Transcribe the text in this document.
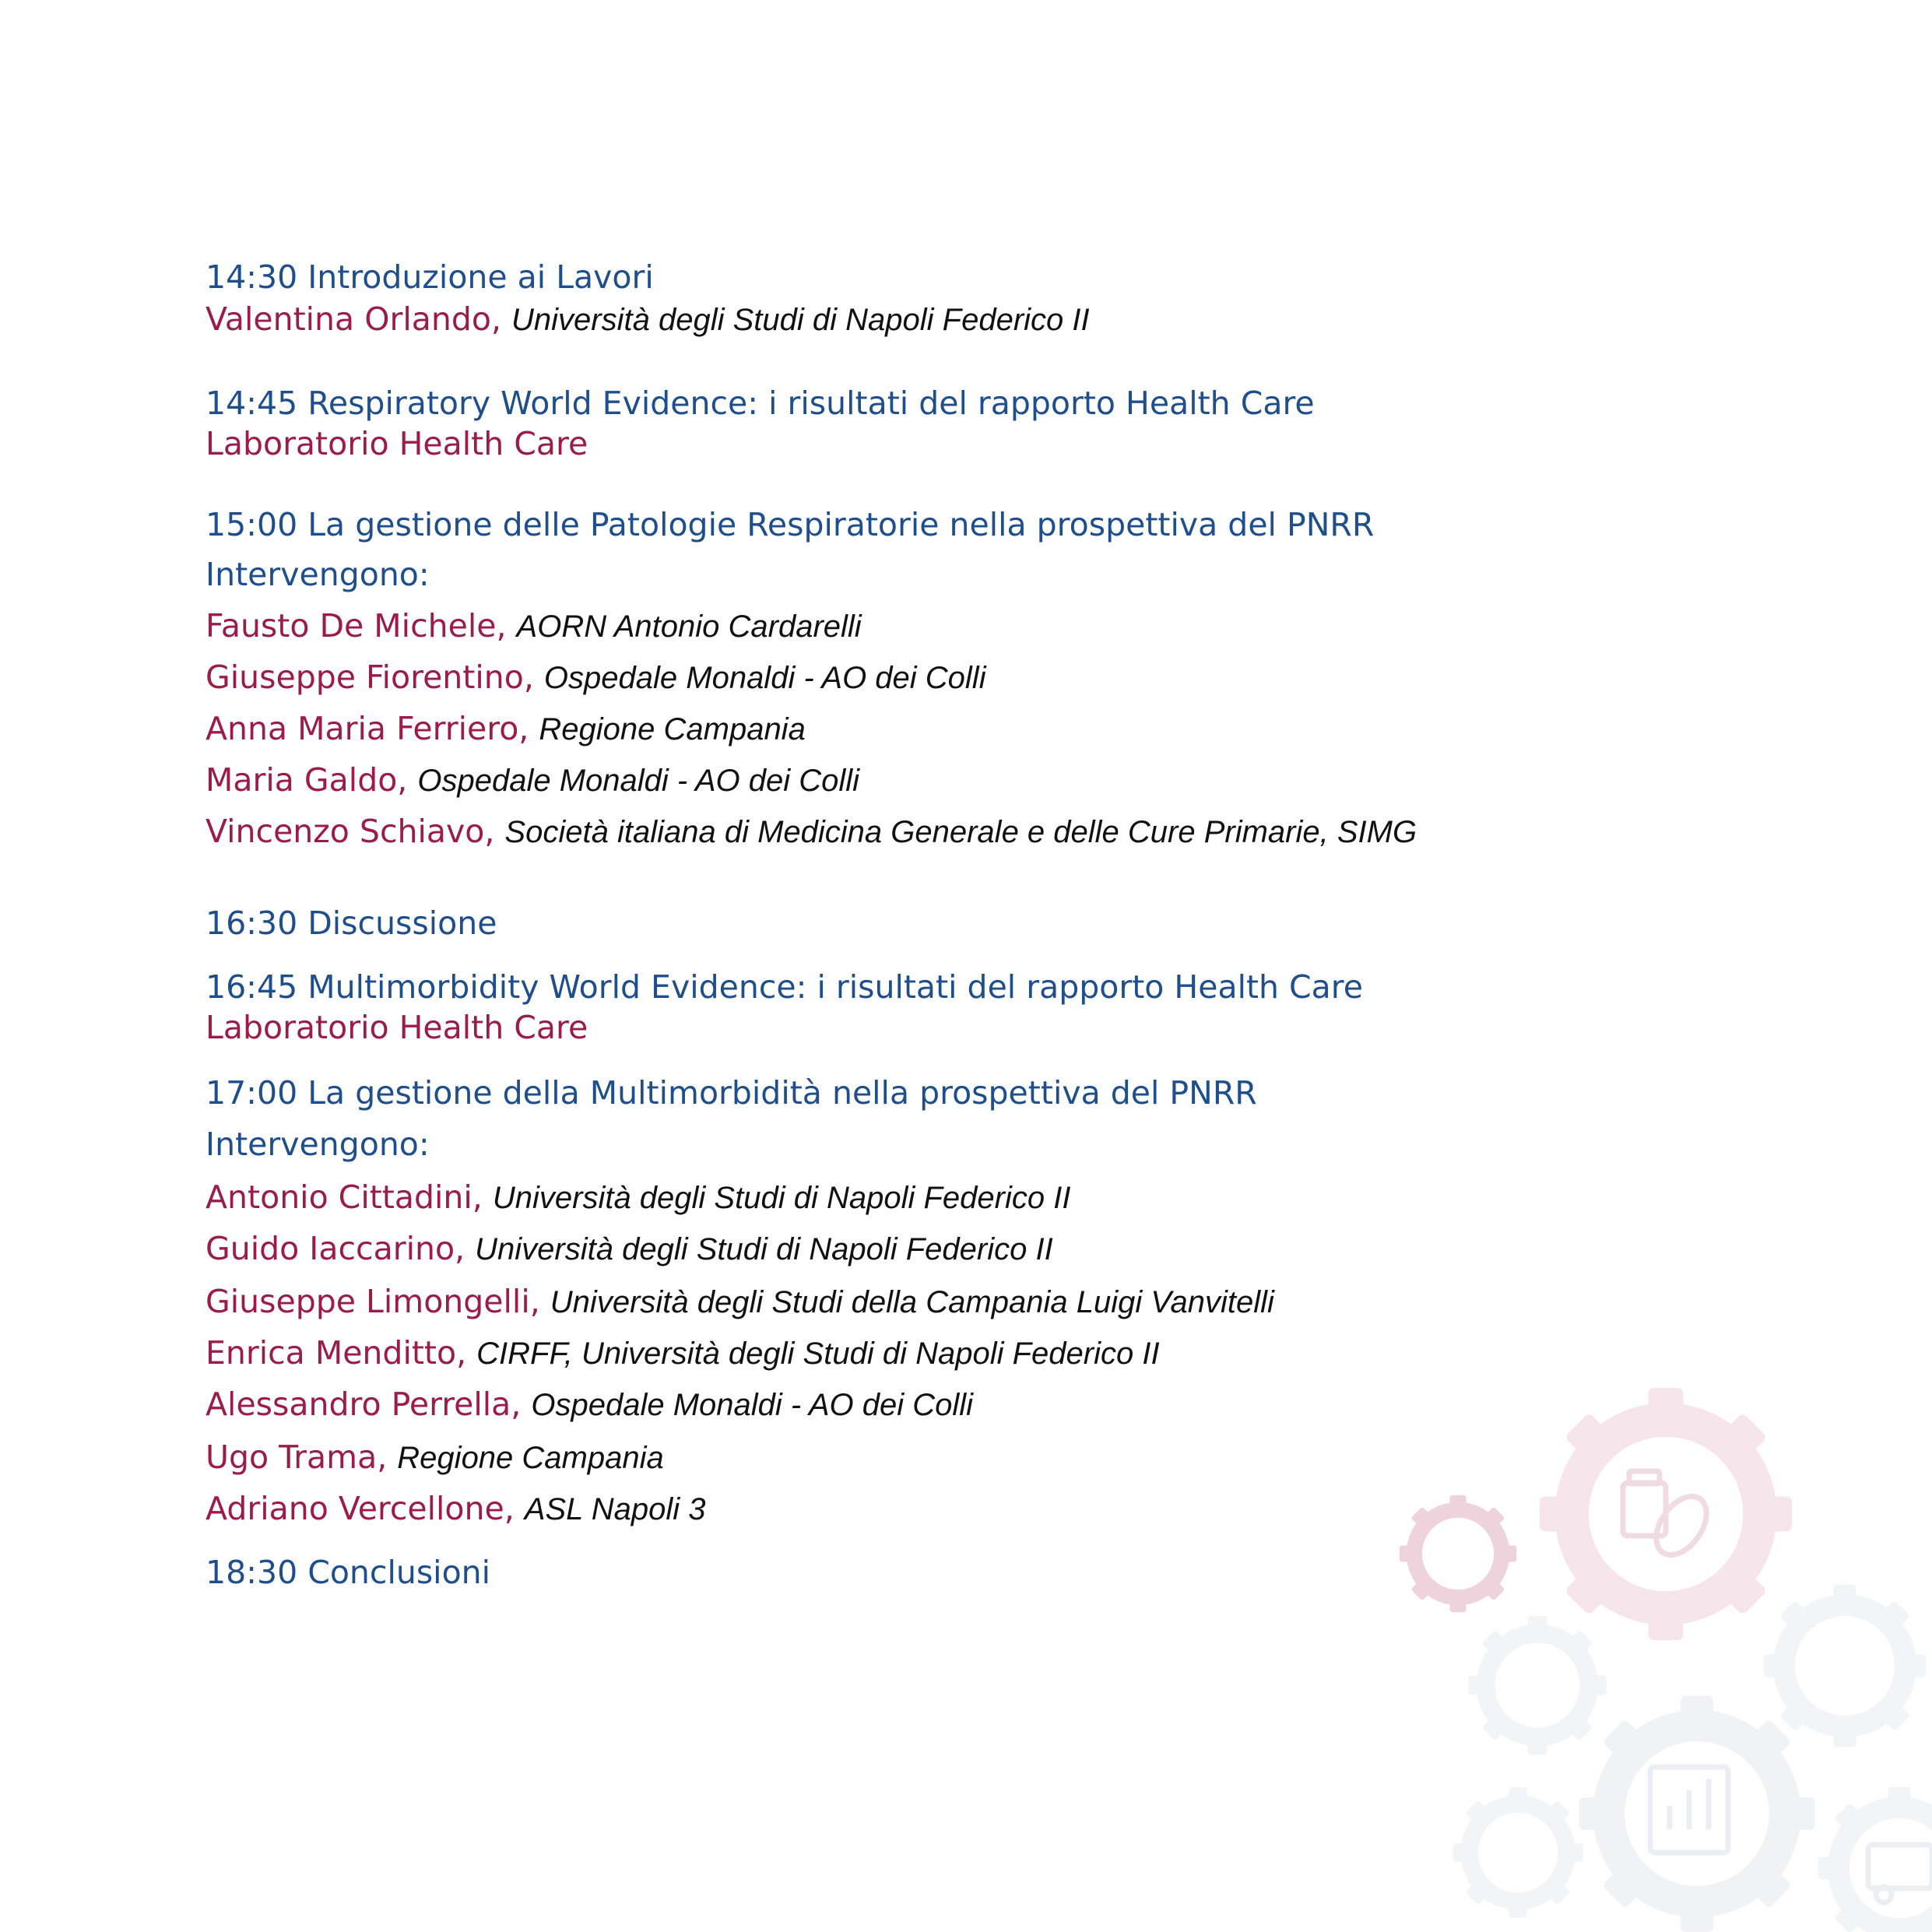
14:30 Introduzione ai Lavori
Valentina Orlando, Università degli Studi di Napoli Federico II
14:45 Respiratory World Evidence: i risultati del rapporto Health Care
Laboratorio Health Care
15:00 La gestione delle Patologie Respiratorie nella prospettiva del PNRR
Intervengono:
Fausto De Michele, AORN Antonio Cardarelli
Giuseppe Fiorentino, Ospedale Monaldi - AO dei Colli
Anna Maria Ferriero, Regione Campania
Maria Galdo, Ospedale Monaldi - AO dei Colli
Vincenzo Schiavo, Società italiana di Medicina Generale e delle Cure Primarie, SIMG
16:30 Discussione
16:45 Multimorbidity World Evidence: i risultati del rapporto Health Care
Laboratorio Health Care
17:00 La gestione della Multimorbidità nella prospettiva del PNRR
Intervengono:
Antonio Cittadini, Università degli Studi di Napoli Federico II
Guido Iaccarino, Università degli Studi di Napoli Federico II
Giuseppe Limongelli, Università degli Studi della Campania Luigi Vanvitelli
Enrica Menditto, CIRFF, Università degli Studi di Napoli Federico II
Alessandro Perrella, Ospedale Monaldi - AO dei Colli
Ugo Trama, Regione Campania
Adriano Vercellone, ASL Napoli 3
18:30 Conclusioni
